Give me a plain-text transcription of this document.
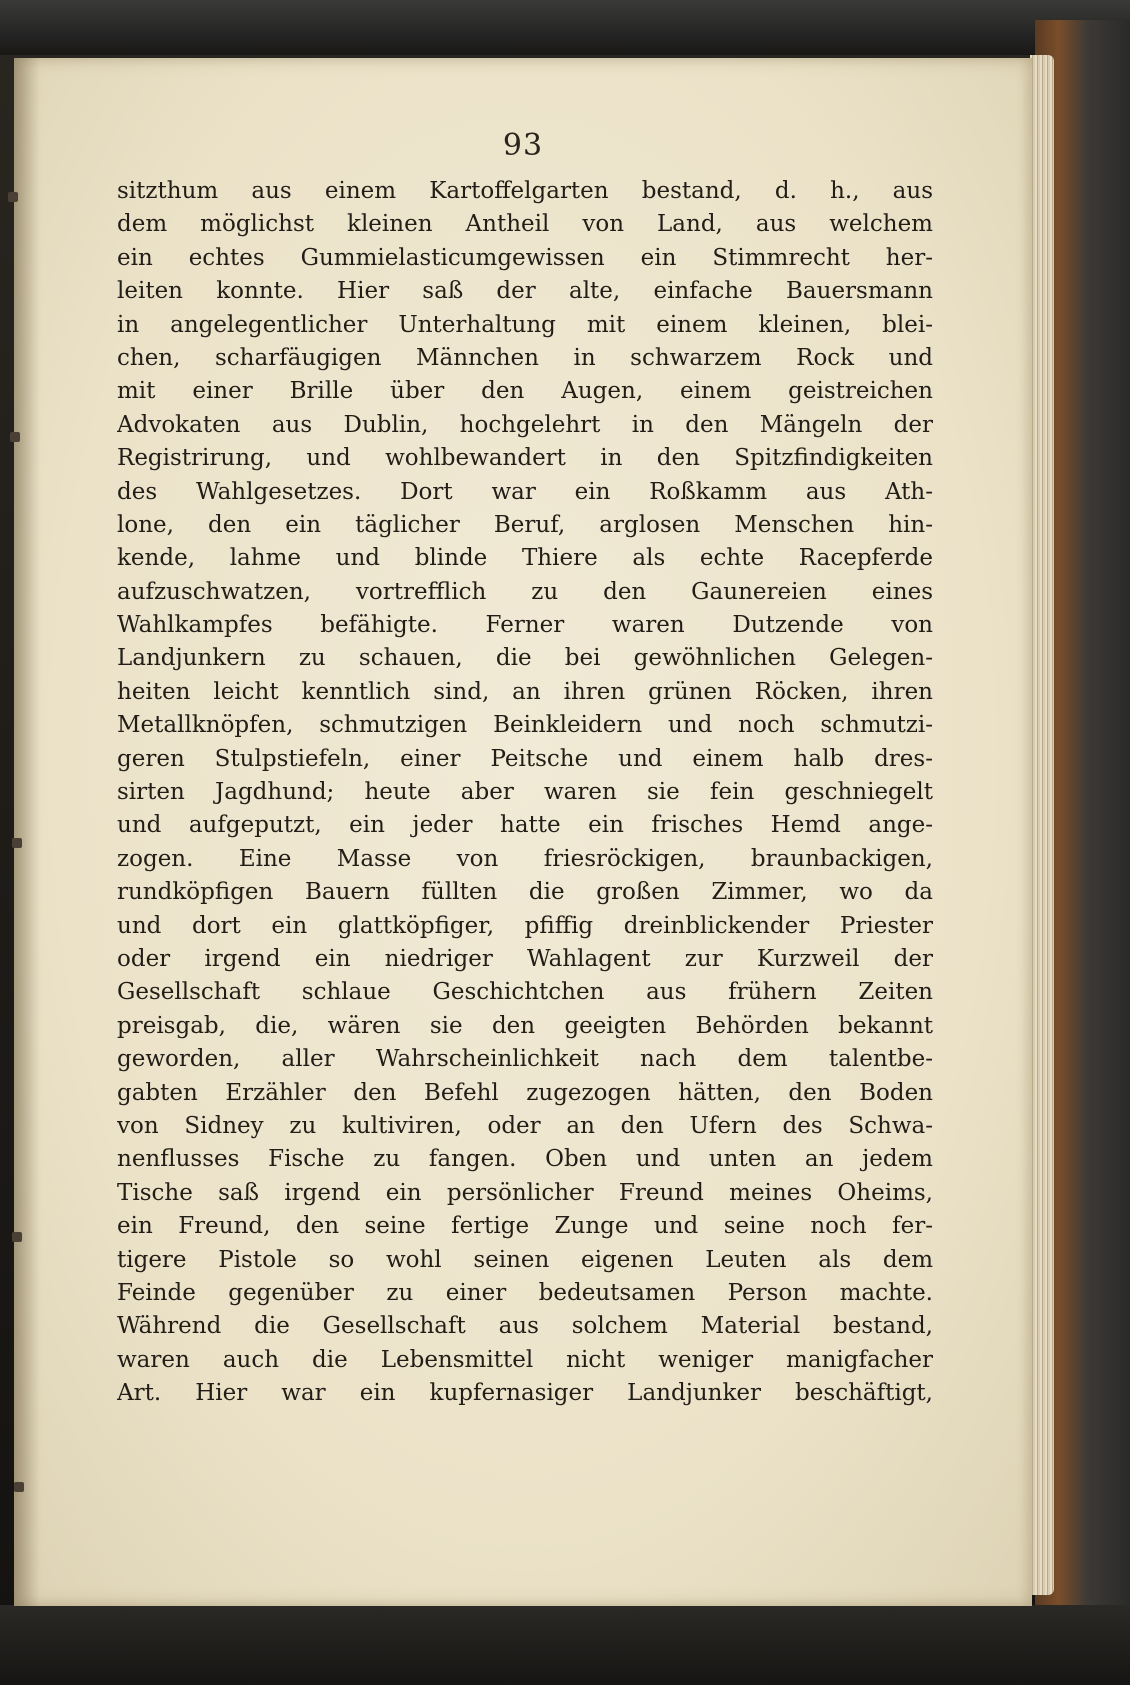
93
sitzthum aus einem Kartoffelgarten bestand, d. h., aus
dem möglichst kleinen Antheil von Land, aus welchem
ein echtes Gummielasticumgewissen ein Stimmrecht her-
leiten konnte. Hier saß der alte, einfache Bauersmann
in angelegentlicher Unterhaltung mit einem kleinen, blei-
chen, scharfäugigen Männchen in schwarzem Rock und
mit einer Brille über den Augen, einem geistreichen
Advokaten aus Dublin, hochgelehrt in den Mängeln der
Registrirung, und wohlbewandert in den Spitzfindigkeiten
des Wahlgesetzes. Dort war ein Roßkamm aus Ath-
lone, den ein täglicher Beruf, arglosen Menschen hin-
kende, lahme und blinde Thiere als echte Racepferde
aufzuschwatzen, vortrefflich zu den Gaunereien eines
Wahlkampfes befähigte. Ferner waren Dutzende von
Landjunkern zu schauen, die bei gewöhnlichen Gelegen-
heiten leicht kenntlich sind, an ihren grünen Röcken, ihren
Metallknöpfen, schmutzigen Beinkleidern und noch schmutzi-
geren Stulpstiefeln, einer Peitsche und einem halb dres-
sirten Jagdhund; heute aber waren sie fein geschniegelt
und aufgeputzt, ein jeder hatte ein frisches Hemd ange-
zogen. Eine Masse von friesröckigen, braunbackigen,
rundköpfigen Bauern füllten die großen Zimmer, wo da
und dort ein glattköpfiger, pfiffig dreinblickender Priester
oder irgend ein niedriger Wahlagent zur Kurzweil der
Gesellschaft schlaue Geschichtchen aus frühern Zeiten
preisgab, die, wären sie den geeigten Behörden bekannt
geworden, aller Wahrscheinlichkeit nach dem talentbe-
gabten Erzähler den Befehl zugezogen hätten, den Boden
von Sidney zu kultiviren, oder an den Ufern des Schwa-
nenflusses Fische zu fangen. Oben und unten an jedem
Tische saß irgend ein persönlicher Freund meines Oheims,
ein Freund, den seine fertige Zunge und seine noch fer-
tigere Pistole so wohl seinen eigenen Leuten als dem
Feinde gegenüber zu einer bedeutsamen Person machte.
Während die Gesellschaft aus solchem Material bestand,
waren auch die Lebensmittel nicht weniger manigfacher
Art. Hier war ein kupfernasiger Landjunker beschäftigt,
